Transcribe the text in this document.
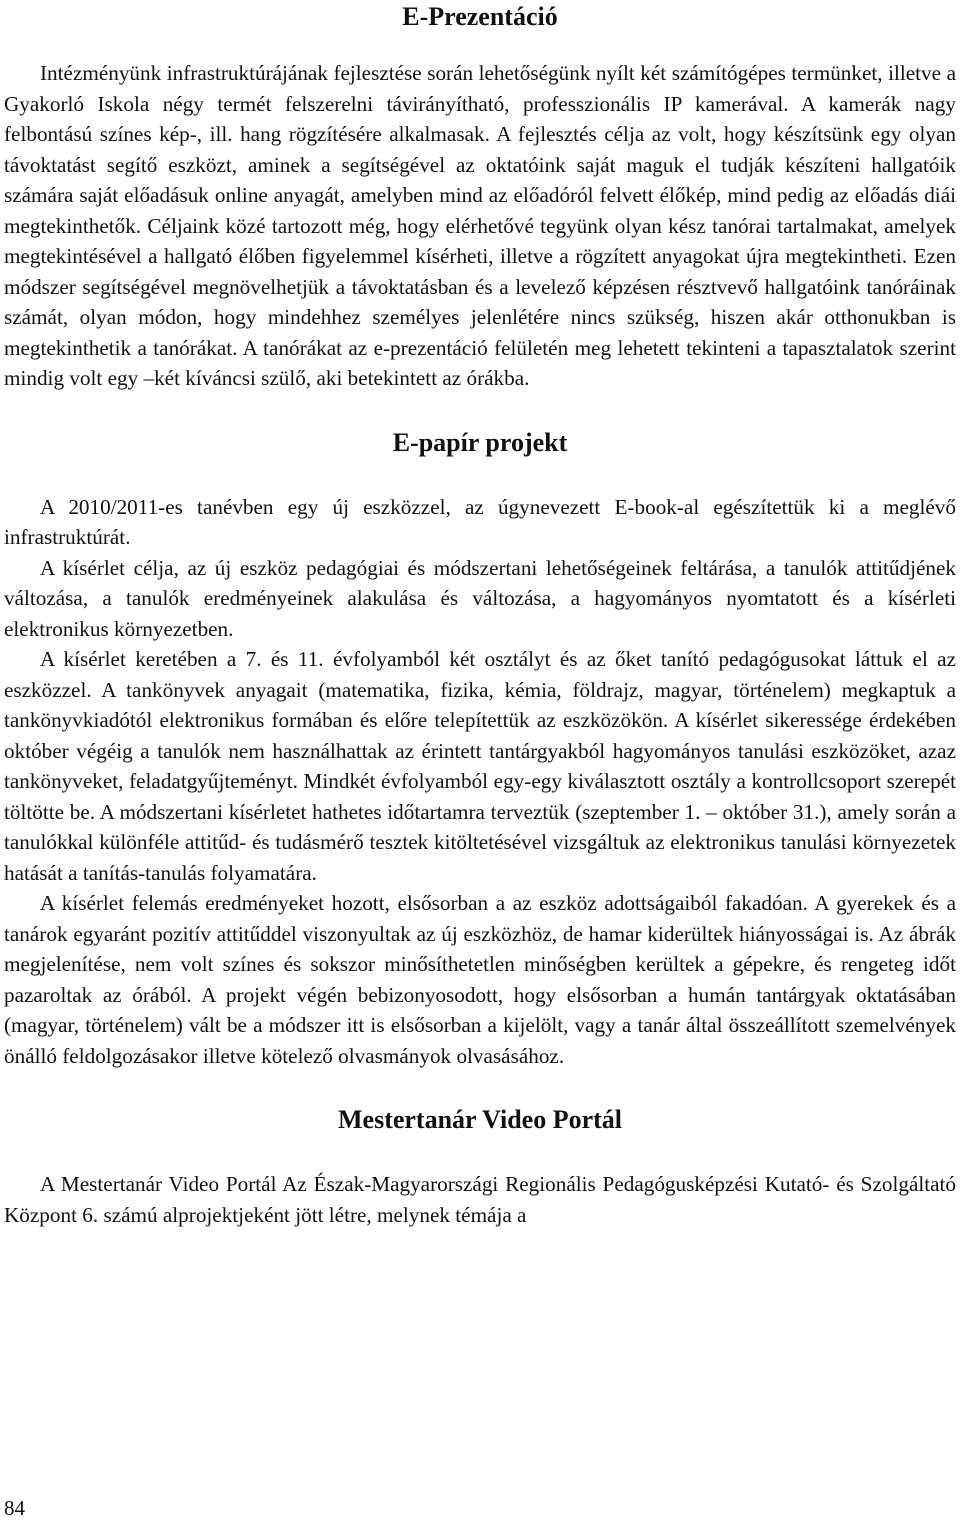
E-Prezentáció

Intézményünk infrastruktúrájának fejlesztése során lehetőségünk nyílt két számítógépes termünket, illetve a Gyakorló Iskola négy termét felszerelni távirányítható, professzionális IP kamerával. A kamerák nagy felbontású színes kép-, ill. hang rögzítésére alkalmasak. A fejlesztés célja az volt, hogy készítsünk egy olyan távoktatást segítő eszközt, aminek a segítségével az oktatóink saját maguk el tudják készíteni hallgatóik számára saját előadásuk online anyagát, amelyben mind az előadóról felvett élőkép, mind pedig az előadás diái megtekinthetők. Céljaink közé tartozott még, hogy elérhetővé tegyünk olyan kész tanórai tartalmakat, amelyek megtekintésével a hallgató élőben figyelemmel kísérheti, illetve a rögzített anyagokat újra megtekintheti. Ezen módszer segítségével megnövelhetjük a távoktatásban és a levelező képzésen résztvevő hallgatóink tanóráinak számát, olyan módon, hogy mindehhez személyes jelenlétére nincs szükség, hiszen akár otthonukban is megtekinthetik a tanórákat. A tanórákat az e-prezentáció felületén meg lehetett tekinteni a tapasztalatok szerint mindig volt egy –két kíváncsi szülő, aki betekintett az órákba.

E-papír projekt

A 2010/2011-es tanévben egy új eszközzel, az úgynevezett E-book-al egészítettük ki a meglévő infrastruktúrát.

A kísérlet célja, az új eszköz pedagógiai és módszertani lehetőségeinek feltárása, a tanulók attitűdjének változása, a tanulók eredményeinek alakulása és változása, a hagyományos nyomtatott és a kísérleti elektronikus környezetben.

A kísérlet keretében a 7. és 11. évfolyamból két osztályt és az őket tanító pedagógusokat láttuk el az eszközzel. A tankönyvek anyagait (matematika, fizika, kémia, földrajz, magyar, történelem) megkaptuk a tankönyvkiadótól elektronikus formában és előre telepítettük az eszközökön. A kísérlet sikeressége érdekében október végéig a tanulók nem használhattak az érintett tantárgyakból hagyományos tanulási eszközöket, azaz tankönyveket, feladatgyűjteményt. Mindkét évfolyamból egy-egy kiválasztott osztály a kontrollcsoport szerepét töltötte be. A módszertani kísérletet hathetes időtartamra terveztük (szeptember 1. – október 31.), amely során a tanulókkal különféle attitűd- és tudásmérő tesztek kitöltetésével vizsgáltuk az elektronikus tanulási környezetek hatását a tanítás-tanulás folyamatára.

A kísérlet felemás eredményeket hozott, elsősorban a az eszköz adottságaiból fakadóan. A gyerekek és a tanárok egyaránt pozitív attitűddel viszonyultak az új eszközhöz, de hamar kiderültek hiányosságai is. Az ábrák megjelenítése, nem volt színes és sokszor minősíthetetlen minőségben kerültek a gépekre, és rengeteg időt pazaroltak az órából. A projekt végén bebizonyosodott, hogy elsősorban a humán tantárgyak oktatásában (magyar, történelem) vált be a módszer itt is elsősorban a kijelölt, vagy a tanár által összeállított szemelvények önálló feldolgozásakor illetve kötelező olvasmányok olvasásához.

Mestertanár Video Portál

A Mestertanár Video Portál Az Észak-Magyarországi Regionális Pedagógusképzési Kutató- és Szolgáltató Központ 6. számú alprojektjeként jött létre, melynek témája a

84
